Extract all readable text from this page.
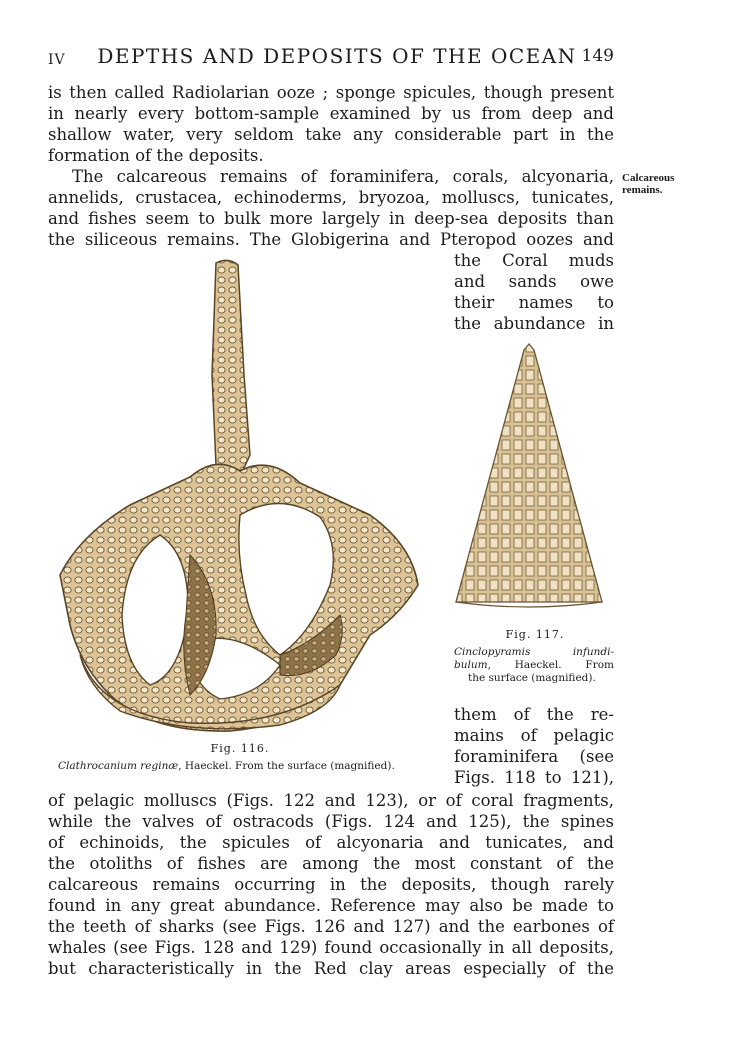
IV	DEPTHS AND DEPOSITS OF THE OCEAN 149
is then called Radiolarian ooze ; sponge spicules, though present
in nearly every bottom-sample examined by us from deep and
shallow water, very seldom take any considerable part in the
formation of the deposits.
The calcareous remains of foraminifera, corals, alcyonaria,
annelids, crustacea, echinoderms, bryozoa, molluscs, tunicates,
and fishes seem to bulk more largely in deep-sea deposits than
the siliceous remains. The Globigerina and Pteropod oozes and
Calcareous
remains.
the Coral muds
and sands owe
their names to
the abundance in
Fig. 116.
Clathrocanium reginæ, Haeckel. From the surface (magnified).
Fig. 117.
Cinclopyramis infundi-
bulum, Haeckel. From
the surface (magnified).
them of the re-
mains of pelagic
foraminifera (see
Figs. 118 to 121),
of pelagic molluscs (Figs. 122 and 123), or of coral fragments,
while the valves of ostracods (Figs. 124 and 125), the spines
of echinoids, the spicules of alcyonaria and tunicates, and
the otoliths of fishes are among the most constant of the
calcareous remains occurring in the deposits, though rarely
found in any great abundance. Reference may also be made to
the teeth of sharks (see Figs. 126 and 127) and the earbones of
whales (see Figs. 128 and 129) found occasionally in all deposits,
but characteristically in the Red clay areas especially of the
